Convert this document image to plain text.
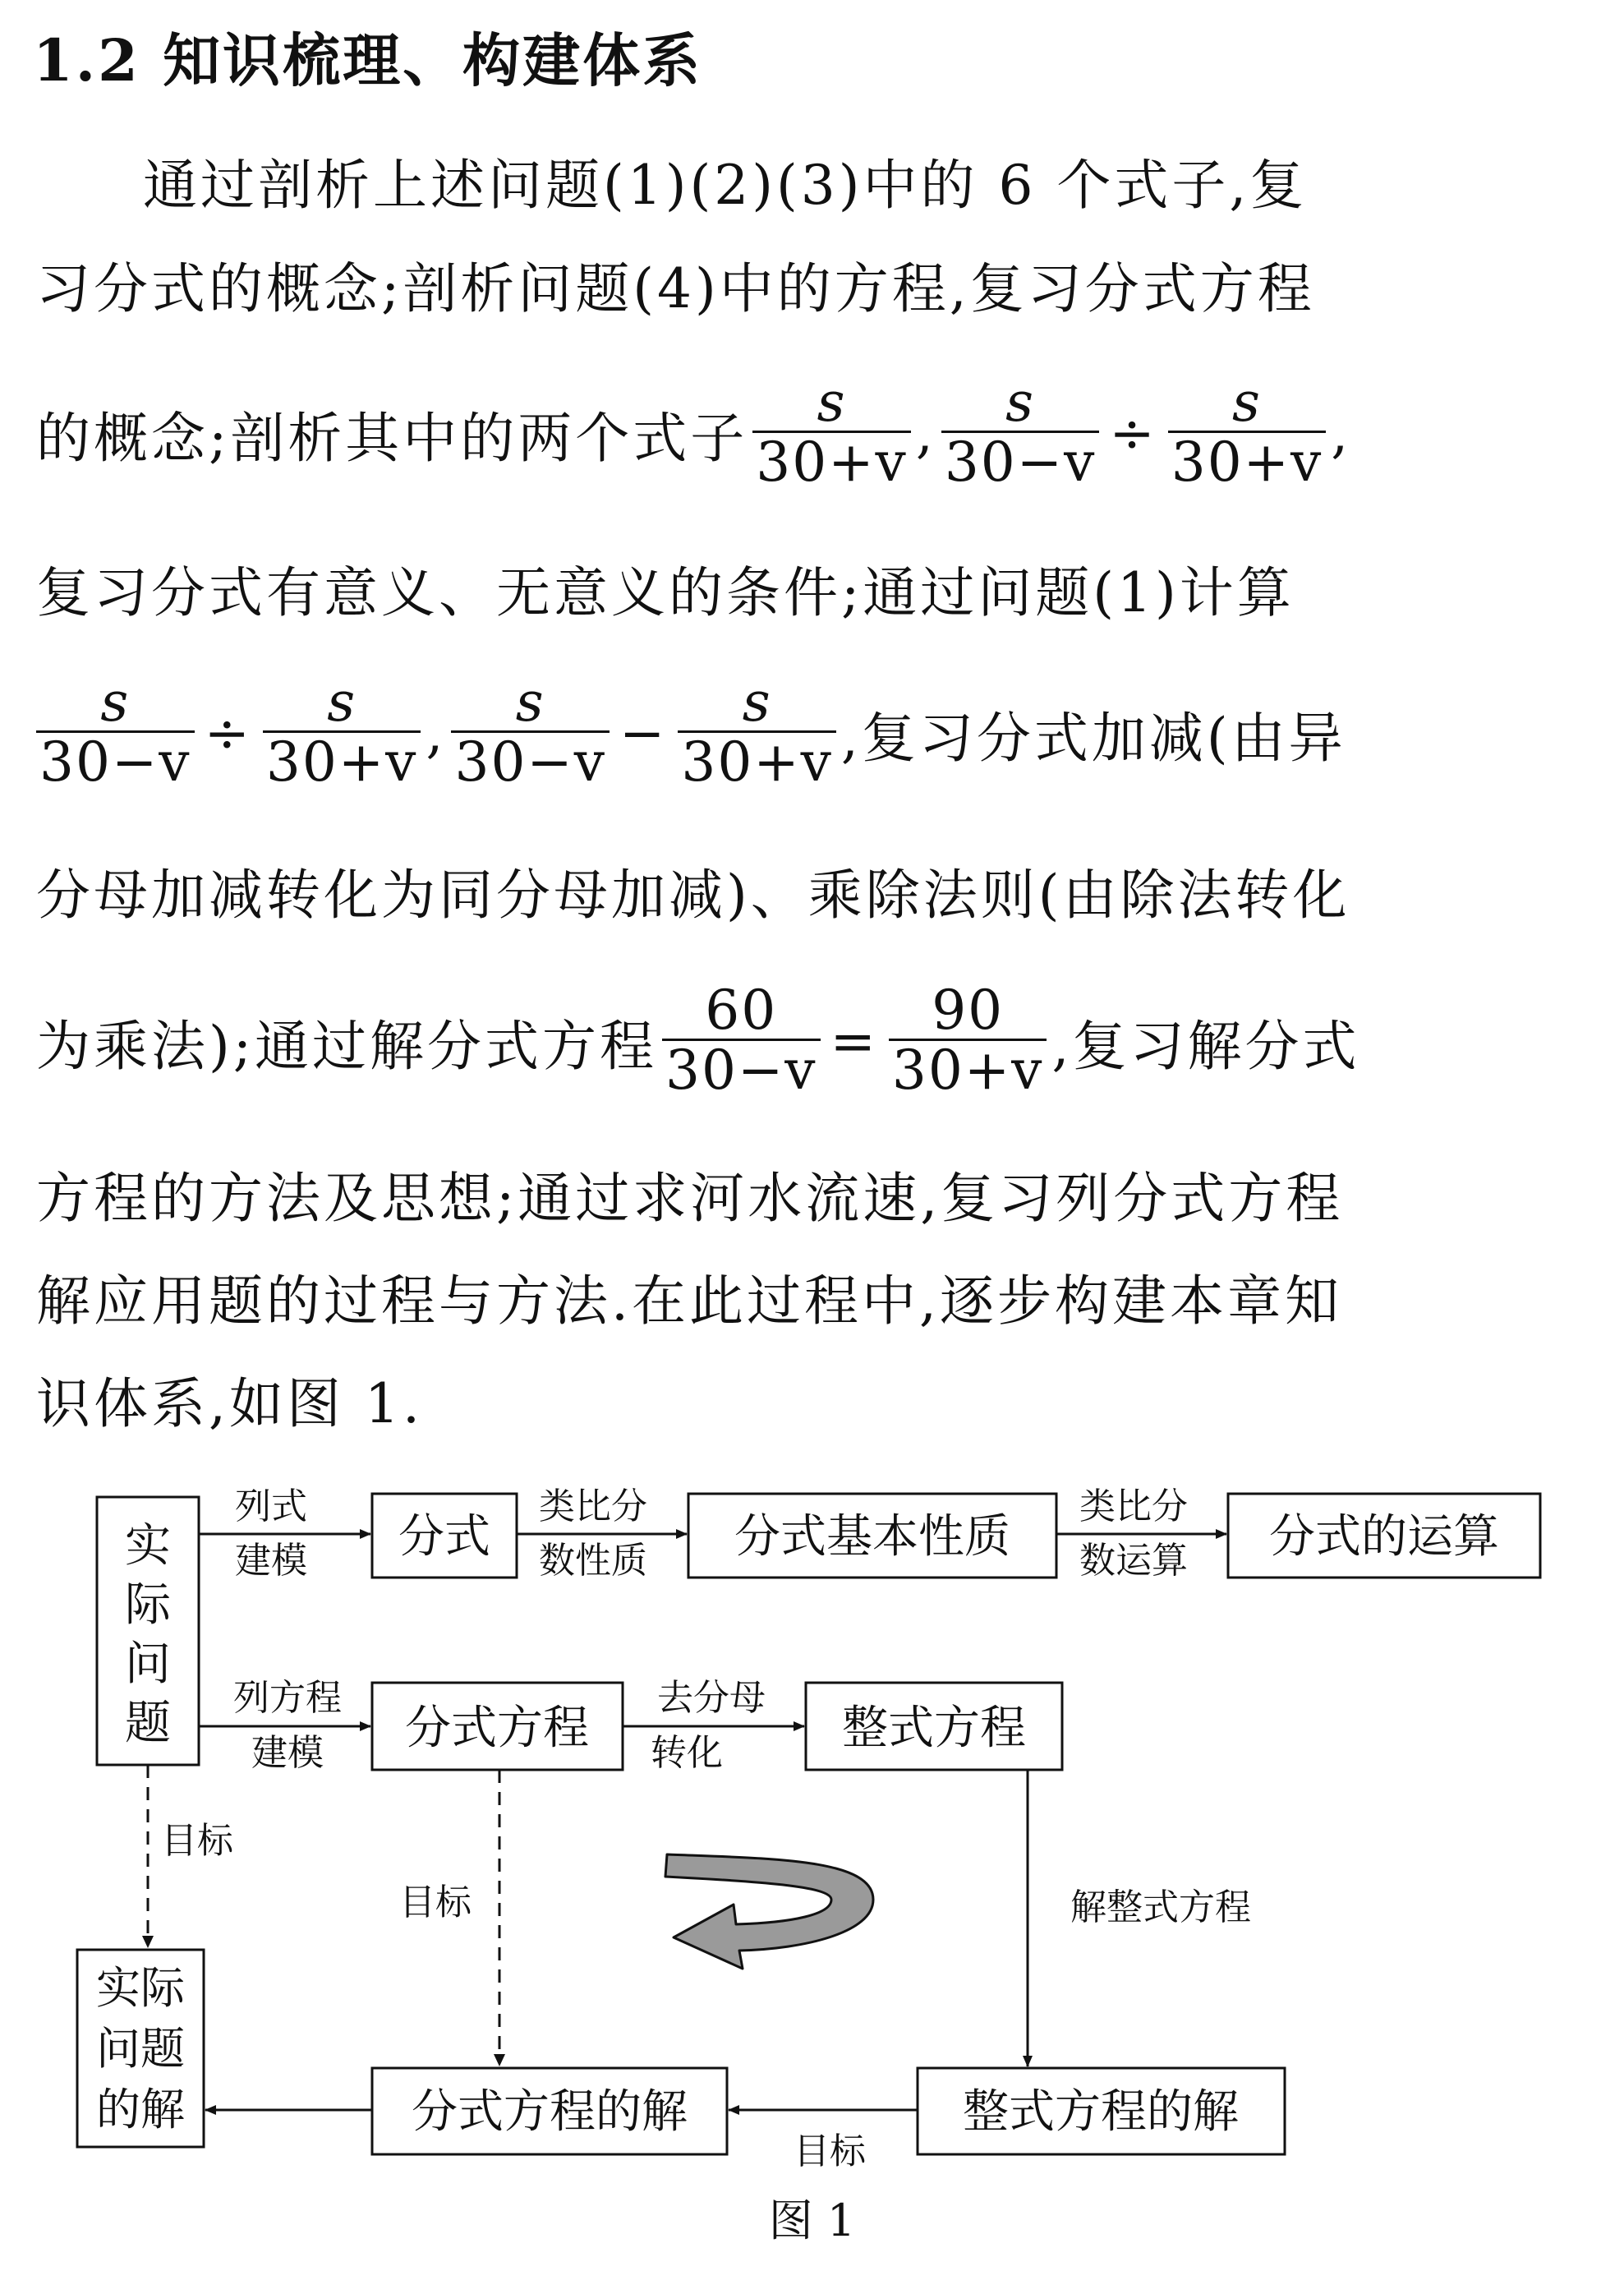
1.2 知识梳理、构建体系
通过剖析上述问题(1)(2)(3)中的 6 个式子,复
习分式的概念;剖析问题(4)中的方程,复习分式方程
的概念;剖析其中的两个式子 $\frac{s}{30+v}$ , $\frac{s}{30-v} \div \frac{s}{30+v}$ ,
复习分式有意义、无意义的条件;通过问题(1)计算
$\frac{s}{30-v} \div \frac{s}{30+v}$ , $\frac{s}{30-v} - \frac{s}{30+v}$ ,复习分式加减(由异
分母加减转化为同分母加减)、乘除法则(由除法转化
为乘法);通过解分式方程 $\frac{60}{30-v} = \frac{90}{30+v}$ ,复习解分式
方程的方法及思想;通过求河水流速,复习列分式方程
解应用题的过程与方法.在此过程中,逐步构建本章知
识体系,如图 1.
实
际
问
题
分式	分式基本性质	分式的运算
分式方程	整式方程
实际
问题
的解	分式方程的解	整式方程的解
列式
建模
类比分
数性质
类比分
数运算
列方程
建模
去分母
转化
目标
目标	解整式方程
目标
图 1
